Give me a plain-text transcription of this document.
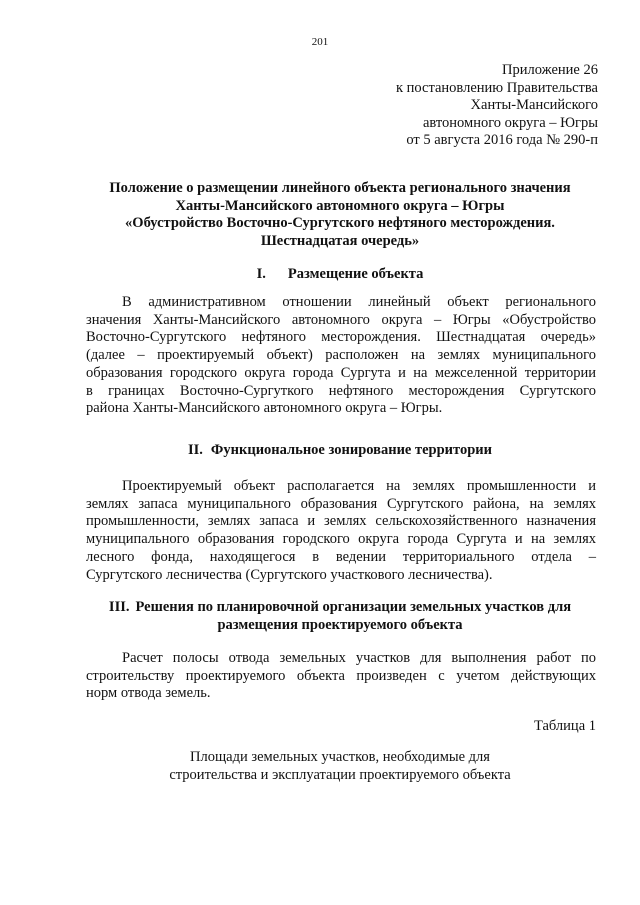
201
Приложение 26
к постановлению Правительства
Ханты-Мансийского
автономного округа – Югры
от 5 августа 2016 года № 290-п
Положение о размещении линейного объекта регионального значения
Ханты-Мансийского автономного округа – Югры
«Обустройство Восточно-Сургутского нефтяного месторождения.
Шестнадцатая очередь»
I. Размещение объекта
В административном отношении линейный объект регионального
значения Ханты-Мансийского автономного округа – Югры «Обустройство
Восточно-Сургутского нефтяного месторождения. Шестнадцатая очередь»
(далее – проектируемый объект) расположен на землях муниципального
образования городского округа города Сургута и на межселенной территории
в границах Восточно-Сургуткого нефтяного месторождения Сургутского
района Ханты-Мансийского автономного округа – Югры.
II. Функциональное зонирование территории
Проектируемый объект располагается на землях промышленности и
землях запаса муниципального образования Сургутского района, на землях
промышленности, землях запаса и землях сельскохозяйственного назначения
муниципального образования городского округа города Сургута и на землях
лесного фонда, находящегося в ведении территориального отдела –
Сургутского лесничества (Сургутского участкового лесничества).
III. Решения по планировочной организации земельных участков для
размещения проектируемого объекта
Расчет полосы отвода земельных участков для выполнения работ по
строительству проектируемого объекта произведен с учетом действующих
норм отвода земель.
Таблица 1
Площади земельных участков, необходимые для
строительства и эксплуатации проектируемого объекта
